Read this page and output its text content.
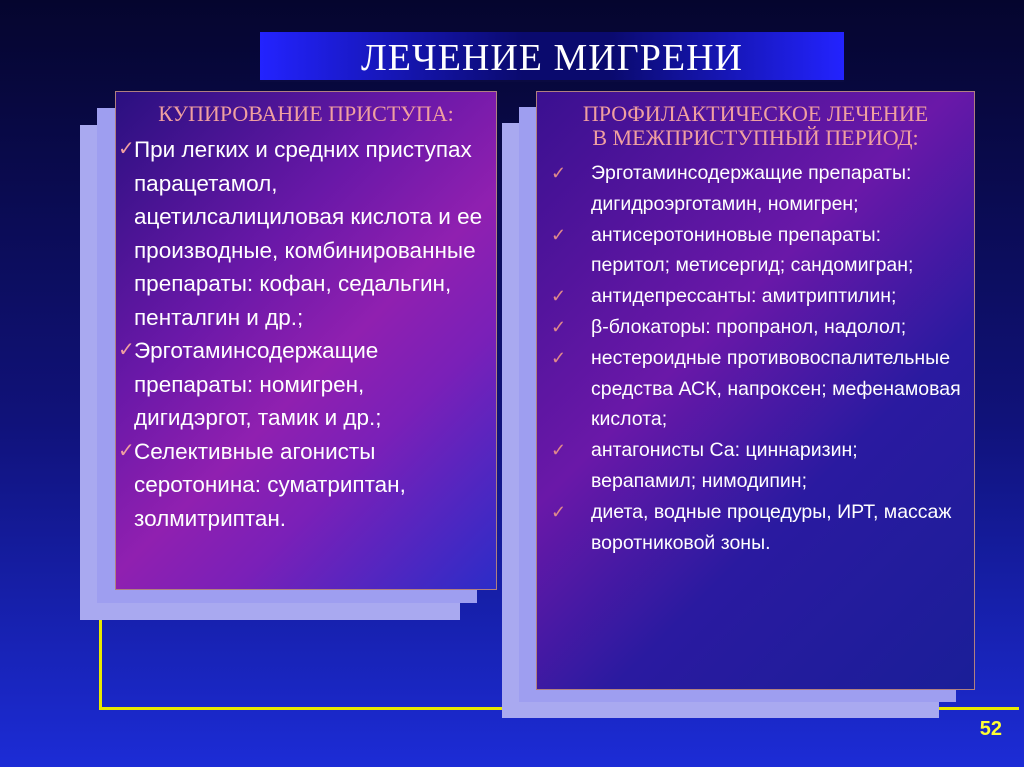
ЛЕЧЕНИЕ МИГРЕНИ
КУПИРОВАНИЕ ПРИСТУПА:
✓ При легких и средних приступах парацетамол, ацетилсалициловая кислота и ее производные, комбинированные препараты: кофан, седальгин, пенталгин и др.;
✓ Эрготаминсодержащие препараты: номигрен, дигидэргот, тамик и др.;
✓ Селективные агонисты серотонина: суматриптан, золмитриптан.
ПРОФИЛАКТИЧЕСКОЕ ЛЕЧЕНИЕ
В МЕЖПРИСТУПНЫЙ ПЕРИОД:
✓ Эрготаминсодержащие препараты: дигидроэрготамин, номигрен;
✓ антисеротониновые препараты: перитол; метисергид; сандомигран;
✓ антидепрессанты: амитриптилин;
✓ β-блокаторы: пропранол, надолол;
✓ нестероидные противовоспалительные средства АСК, напроксен; мефенамовая кислота;
✓ антагонисты Са: циннаризин; верапамил; нимодипин;
✓ диета, водные процедуры, ИРТ, массаж воротниковой зоны.
52
